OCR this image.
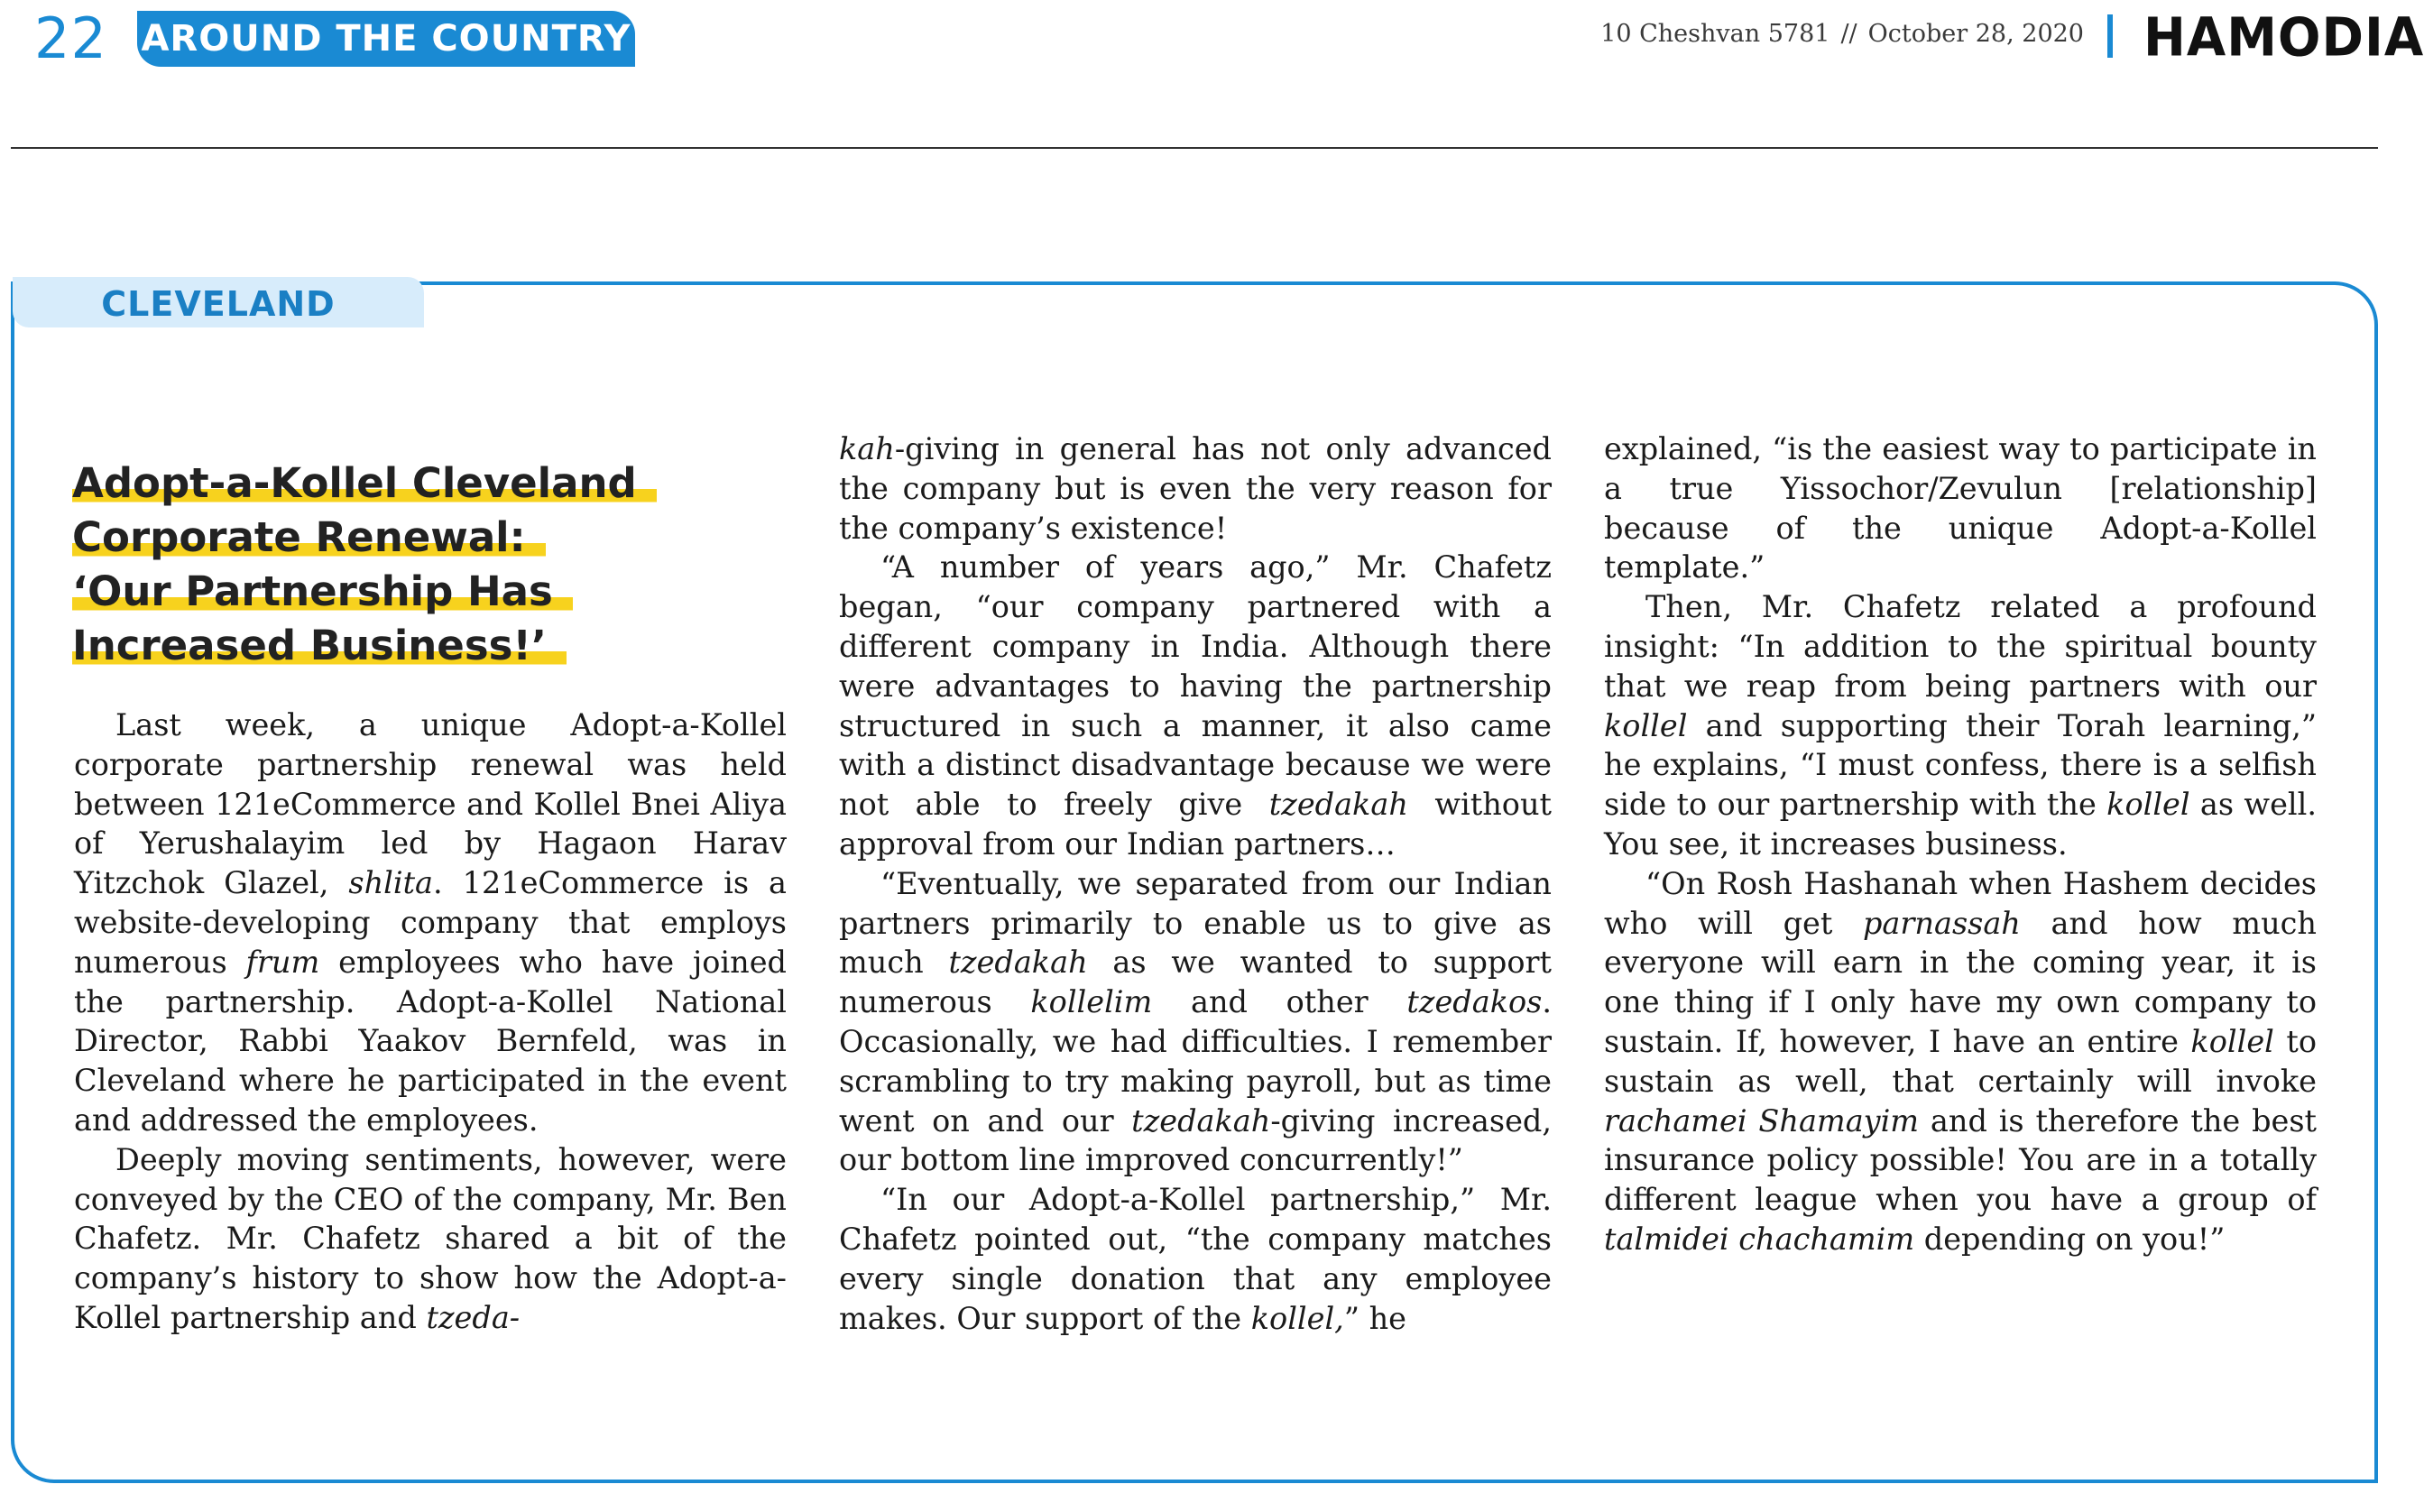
22 AROUND THE COUNTRY	10 Cheshvan 5781 // October 28, 2020 HAMODIA
CLEVELAND
Adopt-a-Kollel Cleveland
Corporate Renewal:
‘Our Partnership Has
Increased Business!’

Last week, a unique Adopt-a-Kollel corporate partnership renewal was held between 121eCommerce and Kollel Bnei Aliya of Yerushalayim led by Hagaon Harav Yitzchok Glazel, shlita. 121eCommerce is a website-developing company that employs numerous frum employees who have joined the partnership. Adopt-a-Kollel National Director, Rabbi Yaakov Bernfeld, was in Cleveland where he participated in the event and addressed the employees.

Deeply moving sentiments, however, were conveyed by the CEO of the company, Mr. Ben Chafetz. Mr. Chafetz shared a bit of the company’s history to show how the Adopt-a-Kollel partnership and tzeda-

kah-giving in general has not only advanced the company but is even the very reason for the company’s existence!

“A number of years ago,” Mr. Chafetz began, “our company partnered with a different company in India. Although there were advantages to having the partnership structured in such a manner, it also came with a distinct disadvantage because we were not able to freely give tzedakah without approval from our Indian partners…

“Eventually, we separated from our Indian partners primarily to enable us to give as much tzedakah as we wanted to support numerous kollelim and other tzedakos. Occasionally, we had difficulties. I remember scrambling to try making payroll, but as time went on and our tzedakah-giving increased, our bottom line improved concurrently!”

“In our Adopt-a-Kollel partnership,” Mr. Chafetz pointed out, “the company matches every single donation that any employee makes. Our support of the kollel,” he

explained, “is the easiest way to participate in a true Yissochor/Zevulun [relationship] because of the unique Adopt-a-Kollel template.”

Then, Mr. Chafetz related a profound insight: “In addition to the spiritual bounty that we reap from being partners with our kollel and supporting their Torah learning,” he explains, “I must confess, there is a selfish side to our partnership with the kollel as well. You see, it increases business.

“On Rosh Hashanah when Hashem decides who will get parnassah and how much everyone will earn in the coming year, it is one thing if I only have my own company to sustain. If, however, I have an entire kollel to sustain as well, that certainly will invoke rachamei Shamayim and is therefore the best insurance policy possible! You are in a totally different league when you have a group of talmidei chachamim depending on you!”
